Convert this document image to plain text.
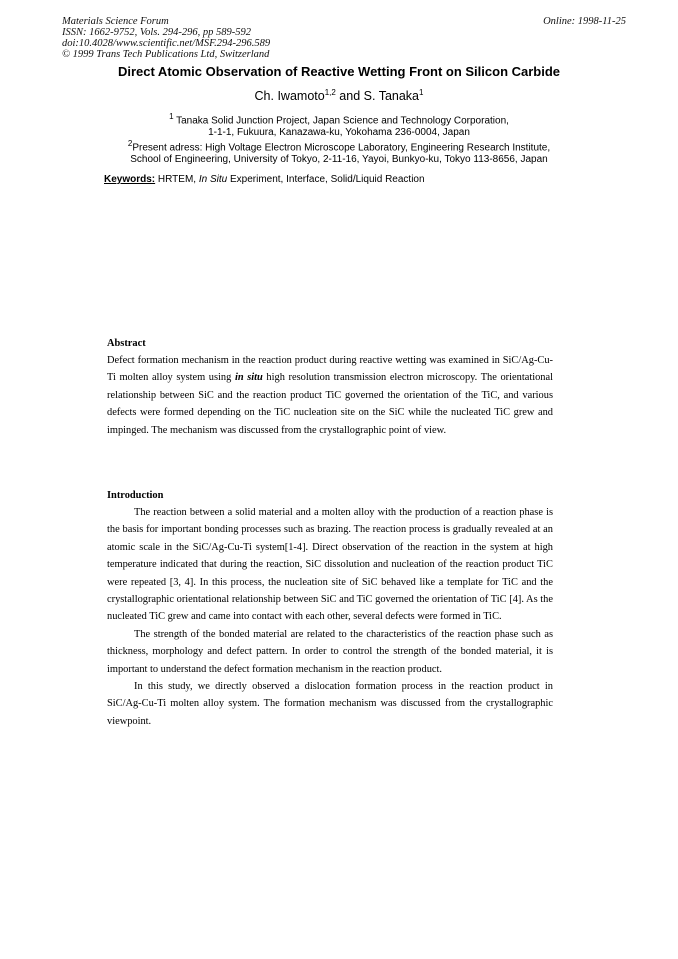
Materials Science Forum
ISSN: 1662-9752, Vols. 294-296, pp 589-592
doi:10.4028/www.scientific.net/MSF.294-296.589
© 1999 Trans Tech Publications Ltd, Switzerland
Online: 1998-11-25
Direct Atomic Observation of Reactive Wetting Front on Silicon Carbide
Ch. Iwamoto$^{1,2}$ and S. Tanaka$^1$
$^1$ Tanaka Solid Junction Project, Japan Science and Technology Corporation,
1-1-1, Fukuura, Kanazawa-ku, Yokohama 236-0004, Japan
$^2$Present adress: High Voltage Electron Microscope Laboratory, Engineering Research Institute,
School of Engineering, University of Tokyo, 2-11-16, Yayoi, Bunkyo-ku, Tokyo 113-8656, Japan
Keywords: HRTEM, In Situ Experiment, Interface, Solid/Liquid Reaction
Abstract

Defect formation mechanism in the reaction product during reactive wetting was examined in SiC/Ag-Cu-Ti molten alloy system using in situ high resolution transmission electron microscopy. The orientational relationship between SiC and the reaction product TiC governed the orientation of the TiC, and various defects were formed depending on the TiC nucleation site on the SiC while the nucleated TiC grew and impinged. The mechanism was discussed from the crystallographic point of view.

Introduction

The reaction between a solid material and a molten alloy with the production of a reaction phase is the basis for important bonding processes such as brazing. The reaction process is gradually revealed at an atomic scale in the SiC/Ag-Cu-Ti system[1-4]. Direct observation of the reaction in the system at high temperature indicated that during the reaction, SiC dissolution and nucleation of the reaction product TiC were repeated [3, 4]. In this process, the nucleation site of SiC behaved like a template for TiC and the crystallographic orientational relationship between SiC and TiC governed the orientation of TiC [4]. As the nucleated TiC grew and came into contact with each other, several defects were formed in TiC.

The strength of the bonded material are related to the characteristics of the reaction phase such as thickness, morphology and defect pattern. In order to control the strength of the bonded material, it is important to understand the defect formation mechanism in the reaction product.

In this study, we directly observed a dislocation formation process in the reaction product in SiC/Ag-Cu-Ti molten alloy system. The formation mechanism was discussed from the crystallographic viewpoint.
